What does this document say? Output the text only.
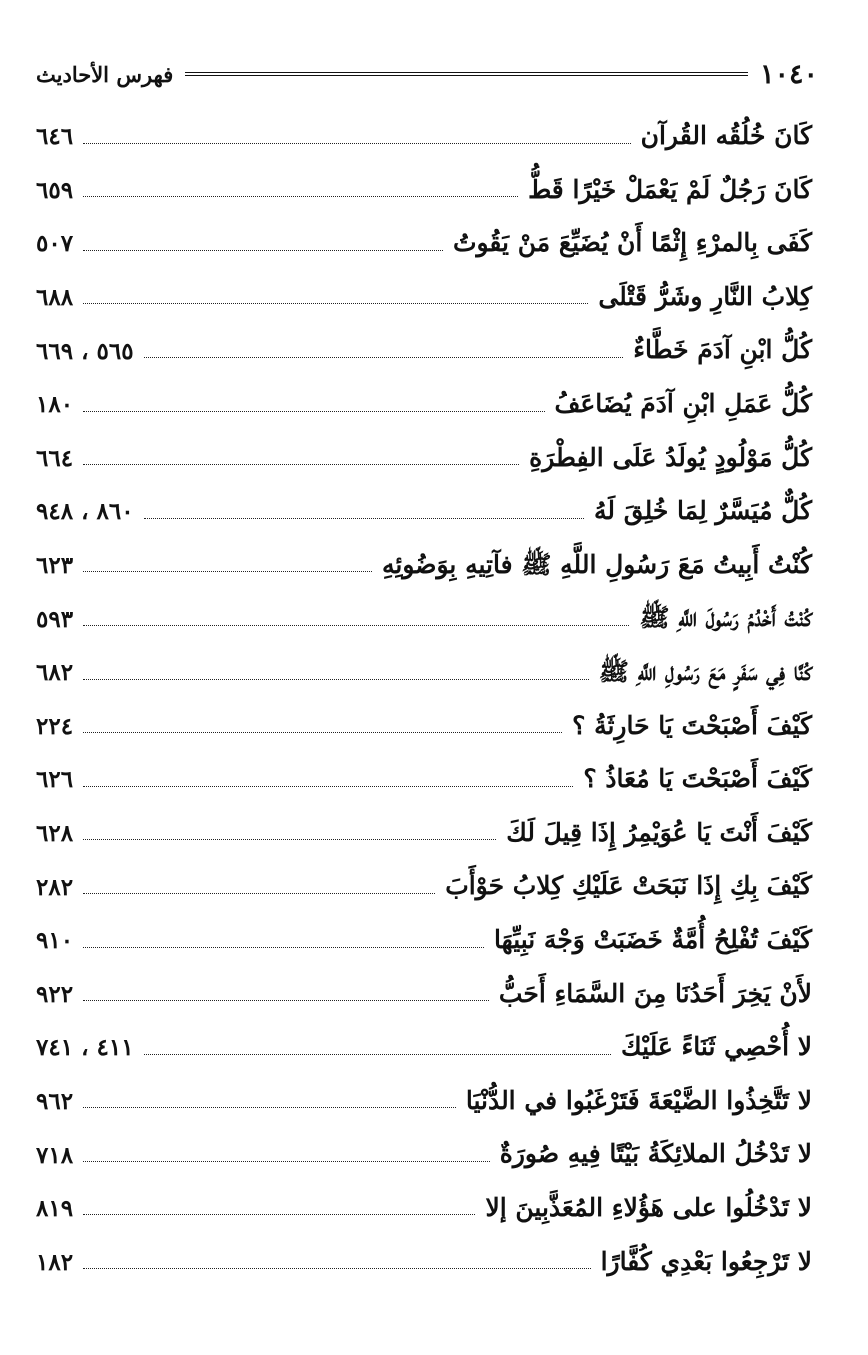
١٠٤٠
فهرس الأحاديث
كَانَ خُلُقُه القُرآن
٦٤٦
كَانَ رَجُلٌ لَمْ يَعْمَلْ خَيْرًا قَطُّ
٦٥٩
كَفَى بِالمرْءِ إِثْمًا أَنْ يُضَيِّعَ مَنْ يَقُوتُ
٥٠٧
كِلابُ النَّارِ وشَرُّ قَتْلَى
٦٨٨
كُلُّ ابْنِ آدَمَ خَطَّاءٌ
٥٦٥ ، ٦٦٩
كُلُّ عَمَلِ ابْنِ آدَمَ يُضَاعَفُ
١٨٠
كُلُّ مَوْلُودٍ يُولَدُ عَلَى الفِطْرَةِ
٦٦٤
كُلٌّ مُيَسَّرٌ لِمَا خُلِقَ لَهُ
٨٦٠ ، ٩٤٨
كُنْتُ أَبِيتُ مَعَ رَسُولِ اللَّهِ ﷺ فآتِيهِ بِوَضُوئِهِ
٦٢٣
كُنْتُ أَخْدُمُ رَسُولَ اللَّهِ ﷺ
٥٩٣
كُنَّا فِي سَفَرٍ مَعَ رَسُولِ اللَّهِ ﷺ
٦٨٢
كَيْفَ أَصْبَحْتَ يَا حَارِثَةُ ؟
٢٢٤
كَيْفَ أَصْبَحْتَ يَا مُعَاذُ ؟
٦٢٦
كَيْفَ أَنْتَ يَا عُوَيْمِرُ إِذَا قِيلَ لَكَ
٦٢٨
كَيْفَ بِكِ إِذَا نَبَحَتْ عَلَيْكِ كِلابُ حَوْأَبَ
٢٨٢
كَيْفَ تُفْلِحُ أُمَّةٌ خَضَبَتْ وَجْهَ نَبِيِّهَا
٩١٠
لأَنْ يَخِرَ أَحَدُنَا مِنَ السَّمَاءِ أَحَبُّ
٩٢٢
لا أُحْصِي ثَنَاءً عَلَيْكَ
٤١١ ، ٧٤١
لا تَتَّخِذُوا الضَّيْعَةَ فَتَرْغَبُوا في الدُّنْيَا
٩٦٢
لا تَدْخُلُ الملائِكَةُ بَيْتًا فِيهِ صُورَةٌ
٧١٨
لا تَدْخُلُوا على هَؤُلاءِ المُعَذَّبِينَ إلا
٨١٩
لا تَرْجِعُوا بَعْدِي كُفَّارًا
١٨٢
